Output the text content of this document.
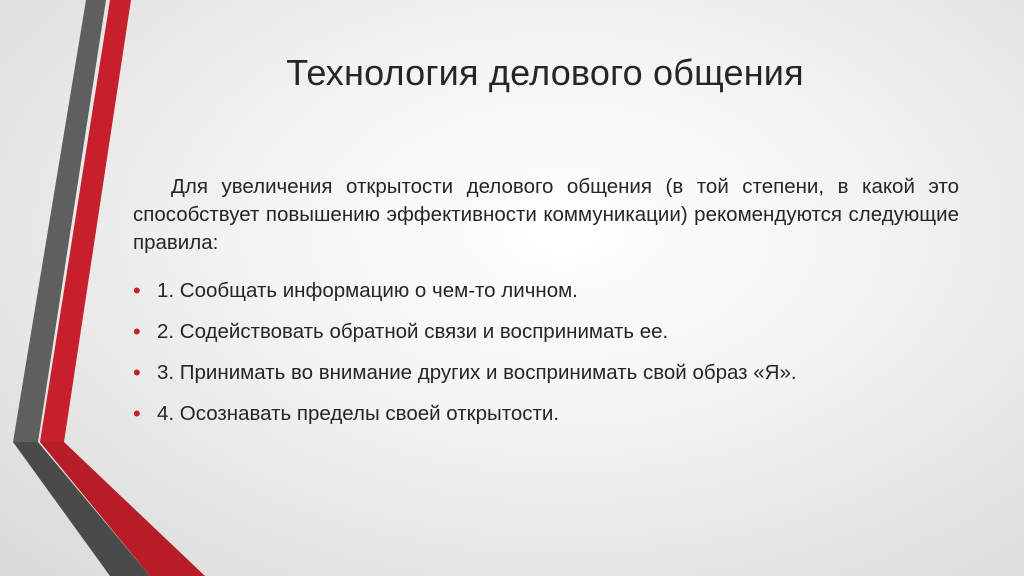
Технология делового общения
Для увеличения открытости делового общения (в той степени, в какой это способствует повышению эффективности коммуникации) рекомендуются следующие правила:
• 1. Сообщать информацию о чем-то личном.
• 2. Содействовать обратной связи и воспринимать ее.
• 3. Принимать во внимание других и воспринимать свой образ «Я».
• 4. Осознавать пределы своей открытости.
